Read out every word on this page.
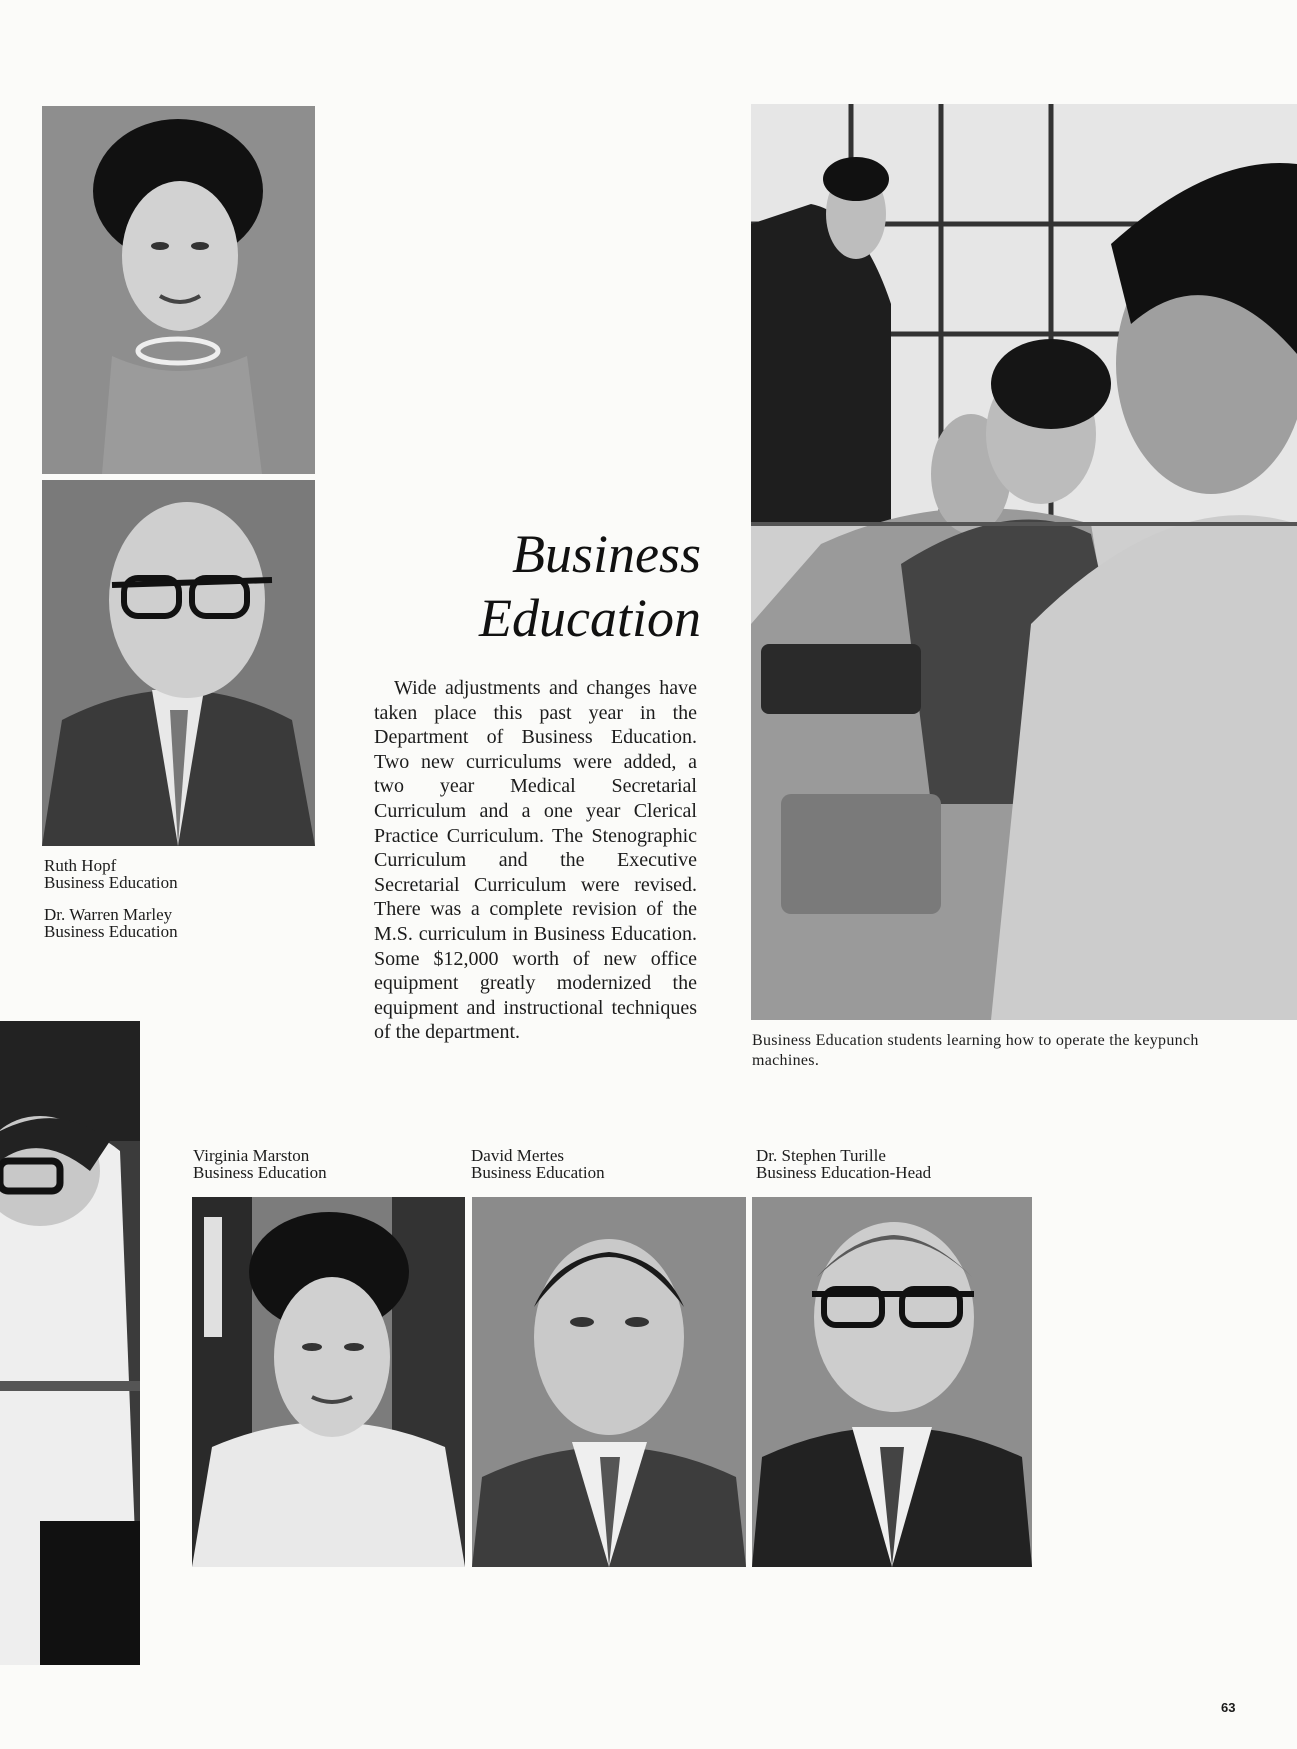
Ruth Hopf
Business Education
Dr. Warren Marley
Business Education
Business
Education
Wide adjustments and changes have taken place this past year in the Department of Business Education. Two new curriculums were added, a two year Medical Secretarial Curriculum and a one year Clerical Practice Curriculum. The Stenographic Curriculum and the Executive Secretarial Curriculum were revised. There was a complete revision of the M.S. curriculum in Business Education. Some $12,000 worth of new office equipment greatly modernized the equipment and instructional techniques of the department.	Business Education students learning how to operate the keypunch machines.
Virginia Marston
Business Education
David Mertes
Business Education
Dr. Stephen Turille
Business Education-Head
63
